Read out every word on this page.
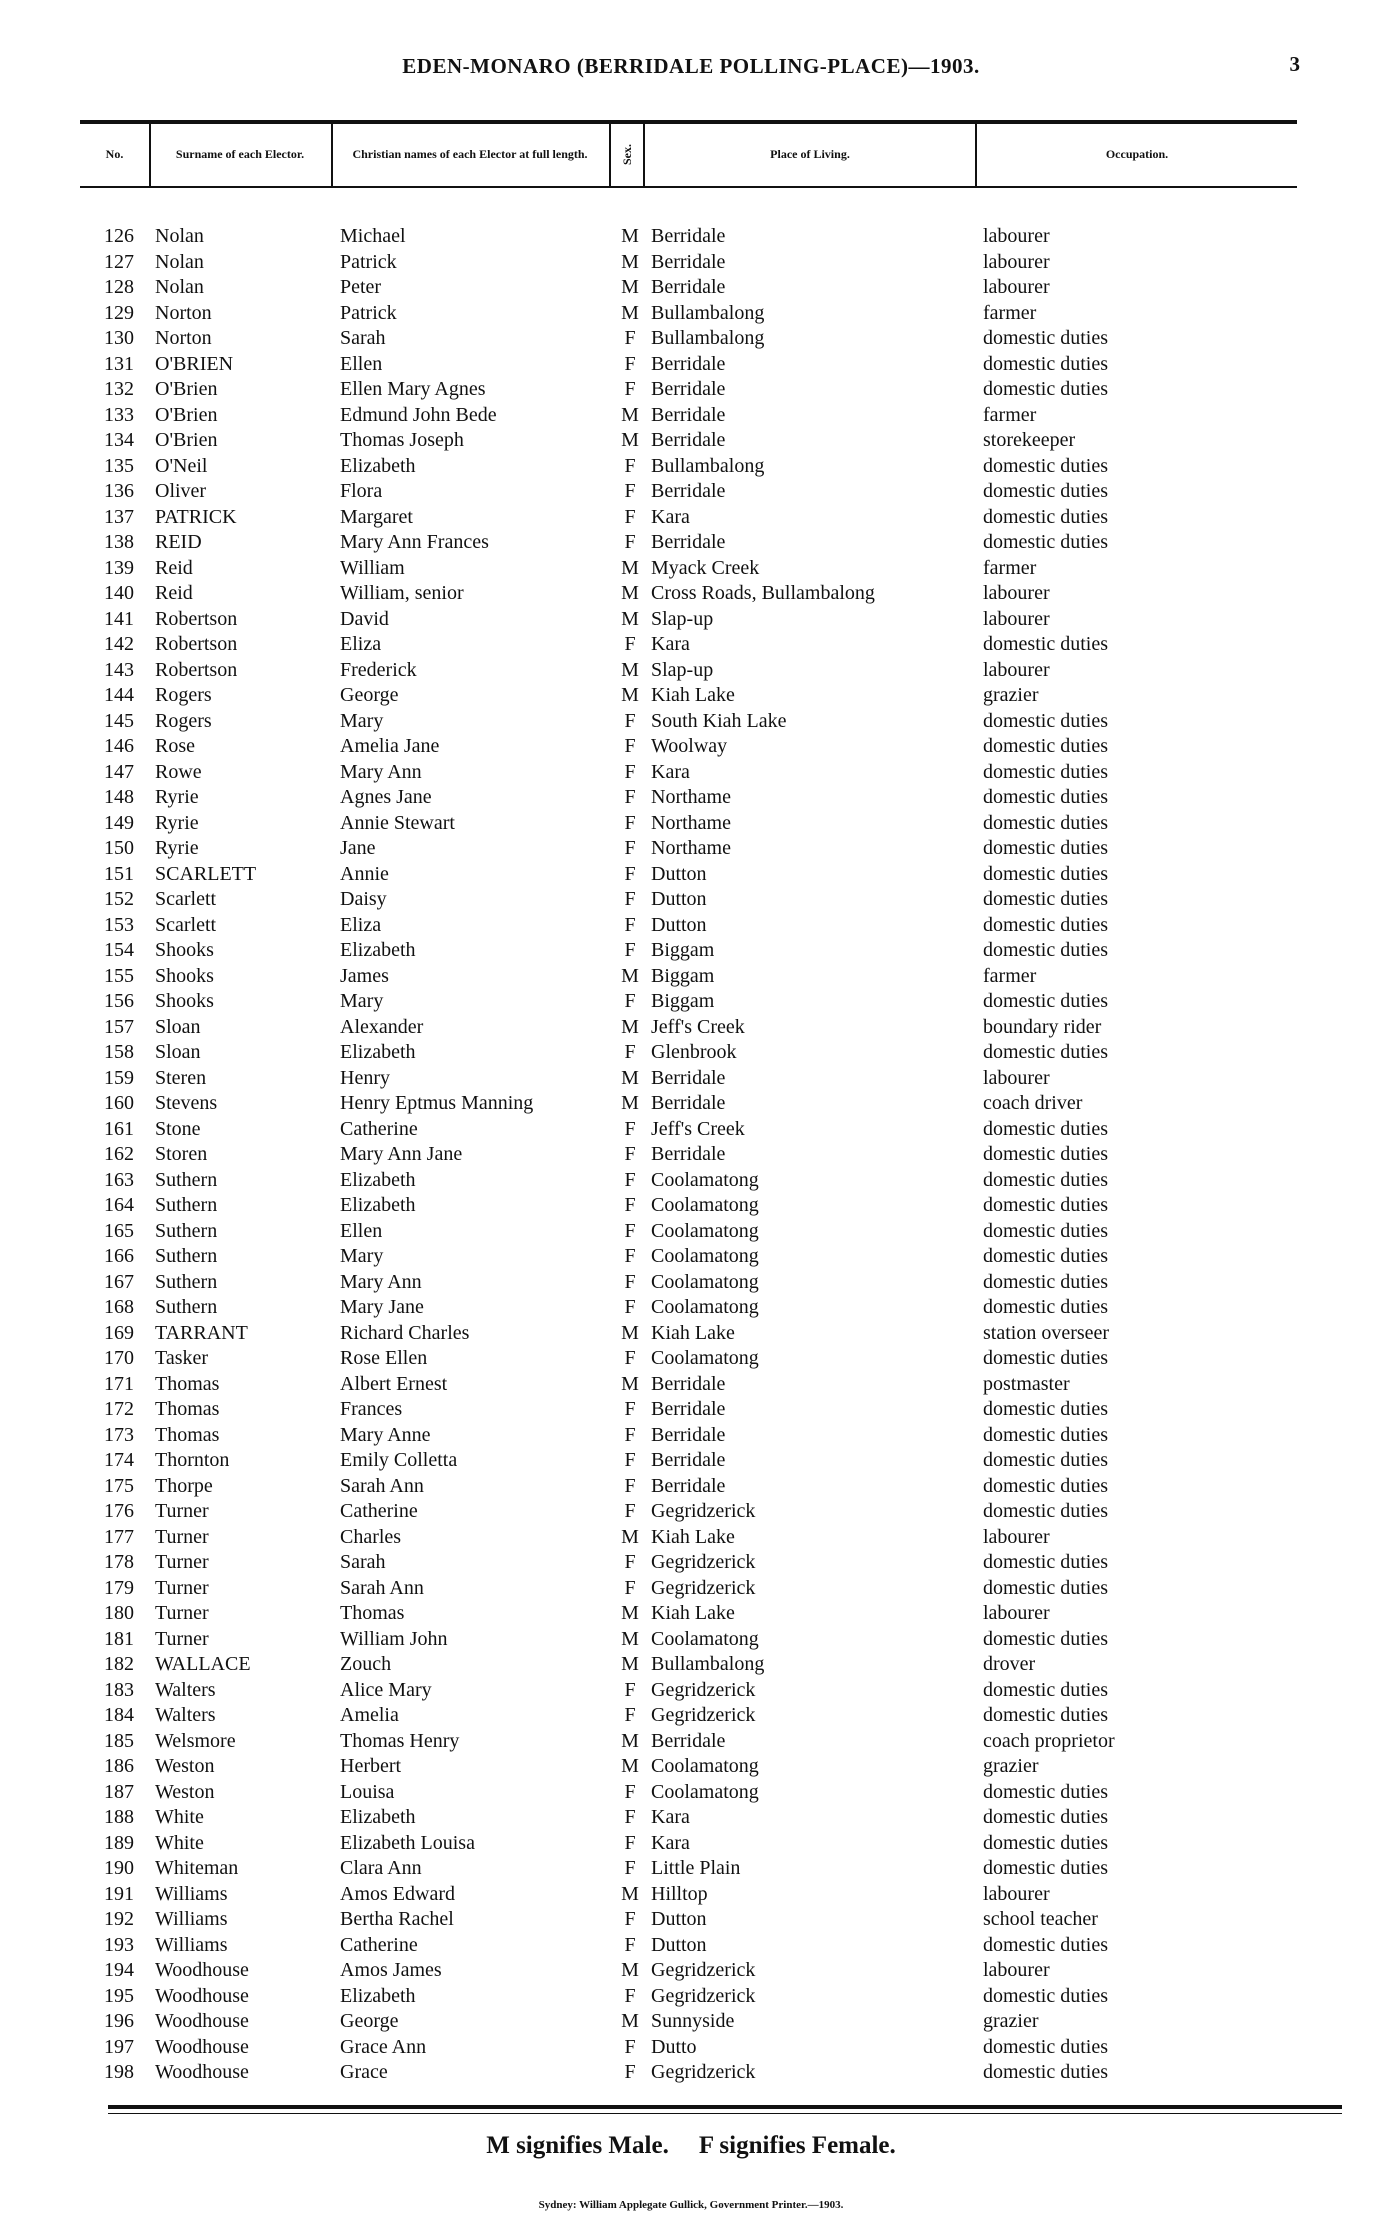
EDEN-MONARO (BERRIDALE POLLING-PLACE)—1903.	3
No.	Surname of each Elector.	Christian names of each Elector at full length.	Sex.	Place of Living.	Occupation.
126 Nolan	Michael	M Berridale	labourer
127 Nolan	Patrick	M Berridale	labourer
128 Nolan	Peter	M Berridale	labourer
129 Norton	Patrick	M Bullambalong	farmer
130 Norton	Sarah	F Bullambalong	domestic duties
131 O'BRIEN	Ellen	F Berridale	domestic duties
132 O'Brien	Ellen Mary Agnes	F Berridale	domestic duties
133 O'Brien	Edmund John Bede	M Berridale	farmer
134 O'Brien	Thomas Joseph	M Berridale	storekeeper
135 O'Neil	Elizabeth	F Bullambalong	domestic duties
136 Oliver	Flora	F Berridale	domestic duties
137 PATRICK	Margaret	F Kara	domestic duties
138 REID	Mary Ann Frances	F Berridale	domestic duties
139 Reid	William	M Myack Creek	farmer
140 Reid	William, senior	M Cross Roads, Bullambalong	labourer
141 Robertson	David	M Slap-up	labourer
142 Robertson	Eliza	F Kara	domestic duties
143 Robertson	Frederick	M Slap-up	labourer
144 Rogers	George	M Kiah Lake	grazier
145 Rogers	Mary	F South Kiah Lake	domestic duties
146 Rose	Amelia Jane	F Woolway	domestic duties
147 Rowe	Mary Ann	F Kara	domestic duties
148 Ryrie	Agnes Jane	F Northame	domestic duties
149 Ryrie	Annie Stewart	F Northame	domestic duties
150 Ryrie	Jane	F Northame	domestic duties
151 SCARLETT	Annie	F Dutton	domestic duties
152 Scarlett	Daisy	F Dutton	domestic duties
153 Scarlett	Eliza	F Dutton	domestic duties
154 Shooks	Elizabeth	F Biggam	domestic duties
155 Shooks	James	M Biggam	farmer
156 Shooks	Mary	F Biggam	domestic duties
157 Sloan	Alexander	M Jeff's Creek	boundary rider
158 Sloan	Elizabeth	F Glenbrook	domestic duties
159 Steren	Henry	M Berridale	labourer
160 Stevens	Henry Eptmus Manning	M Berridale	coach driver
161 Stone	Catherine	F Jeff's Creek	domestic duties
162 Storen	Mary Ann Jane	F Berridale	domestic duties
163 Suthern	Elizabeth	F Coolamatong	domestic duties
164 Suthern	Elizabeth	F Coolamatong	domestic duties
165 Suthern	Ellen	F Coolamatong	domestic duties
166 Suthern	Mary	F Coolamatong	domestic duties
167 Suthern	Mary Ann	F Coolamatong	domestic duties
168 Suthern	Mary Jane	F Coolamatong	domestic duties
169 TARRANT	Richard Charles	M Kiah Lake	station overseer
170 Tasker	Rose Ellen	F Coolamatong	domestic duties
171 Thomas	Albert Ernest	M Berridale	postmaster
172 Thomas	Frances	F Berridale	domestic duties
173 Thomas	Mary Anne	F Berridale	domestic duties
174 Thornton	Emily Colletta	F Berridale	domestic duties
175 Thorpe	Sarah Ann	F Berridale	domestic duties
176 Turner	Catherine	F Gegridzerick	domestic duties
177 Turner	Charles	M Kiah Lake	labourer
178 Turner	Sarah	F Gegridzerick	domestic duties
179 Turner	Sarah Ann	F Gegridzerick	domestic duties
180 Turner	Thomas	M Kiah Lake	labourer
181 Turner	William John	M Coolamatong	domestic duties
182 WALLACE	Zouch	M Bullambalong	drover
183 Walters	Alice Mary	F Gegridzerick	domestic duties
184 Walters	Amelia	F Gegridzerick	domestic duties
185 Welsmore	Thomas Henry	M Berridale	coach proprietor
186 Weston	Herbert	M Coolamatong	grazier
187 Weston	Louisa	F Coolamatong	domestic duties
188 White	Elizabeth	F Kara	domestic duties
189 White	Elizabeth Louisa	F Kara	domestic duties
190 Whiteman	Clara Ann	F Little Plain	domestic duties
191 Williams	Amos Edward	M Hilltop	labourer
192 Williams	Bertha Rachel	F Dutton	school teacher
193 Williams	Catherine	F Dutton	domestic duties
194 Woodhouse	Amos James	M Gegridzerick	labourer
195 Woodhouse	Elizabeth	F Gegridzerick	domestic duties
196 Woodhouse	George	M Sunnyside	grazier
197 Woodhouse	Grace Ann	F Dutto	domestic duties
198 Woodhouse	Grace	F Gegridzerick	domestic duties
M signifies Male. F signifies Female.
Sydney: William Applegate Gullick, Government Printer.—1903.
